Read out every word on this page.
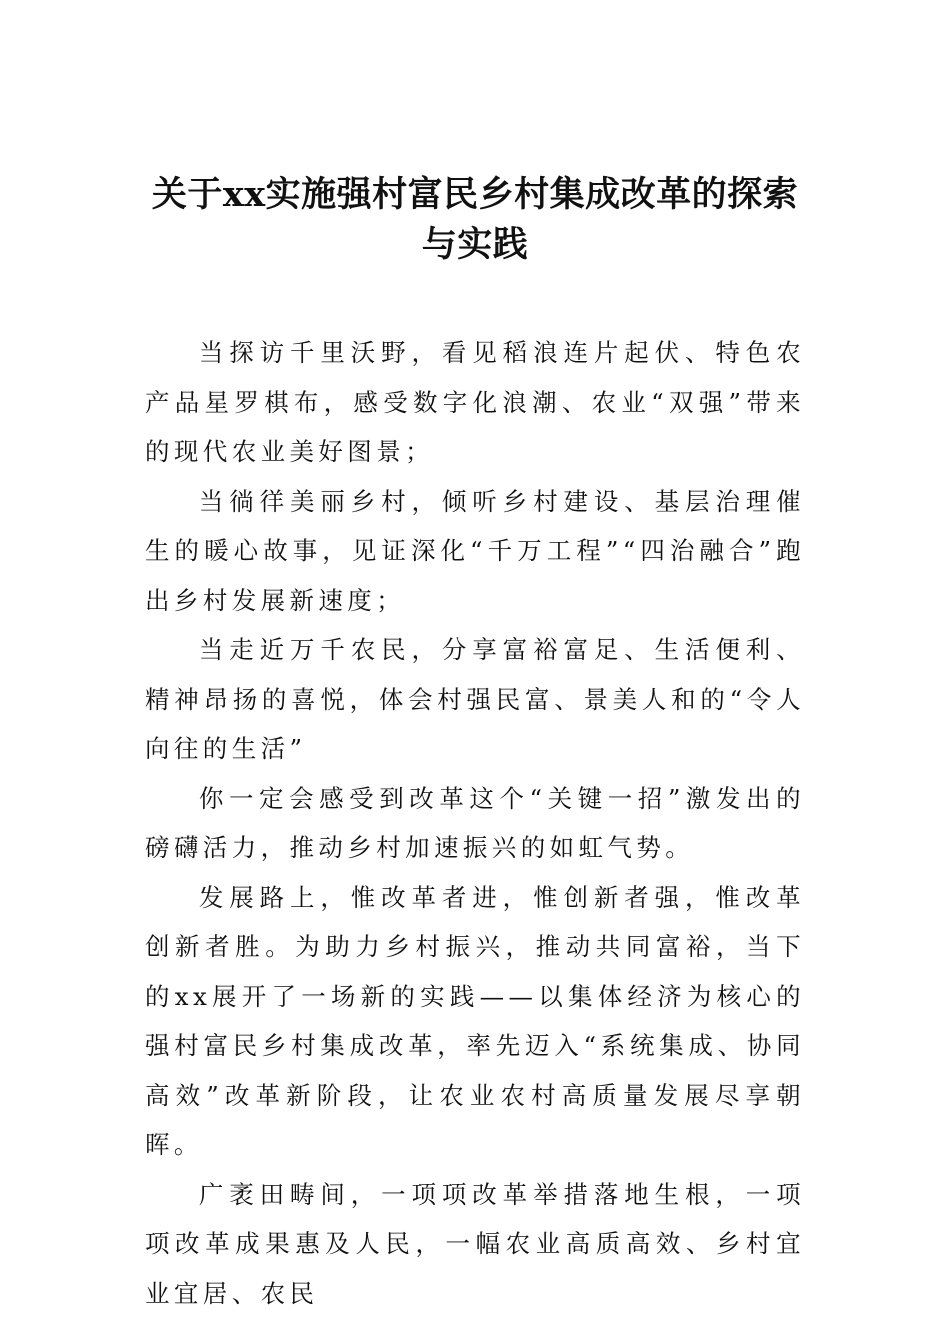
关于xx实施强村富民乡村集成改革的探索与实践

当探访千里沃野，看见稻浪连片起伏、特色农产品星罗棋布，感受数字化浪潮、农业“双强”带来的现代农业美好图景；

当徜徉美丽乡村，倾听乡村建设、基层治理催生的暖心故事，见证深化“千万工程”“四治融合”跑出乡村发展新速度；

当走近万千农民，分享富裕富足、生活便利、精神昂扬的喜悦，体会村强民富、景美人和的“令人向往的生活”

你一定会感受到改革这个“关键一招”激发出的磅礴活力，推动乡村加速振兴的如虹气势。

发展路上，惟改革者进，惟创新者强，惟改革创新者胜。为助力乡村振兴，推动共同富裕，当下的xx展开了一场新的实践——以集体经济为核心的强村富民乡村集成改革，率先迈入“系统集成、协同高效”改革新阶段，让农业农村高质量发展尽享朝晖。

广袤田畴间，一项项改革举措落地生根，一项项改革成果惠及人民，一幅农业高质高效、乡村宜业宜居、农民
